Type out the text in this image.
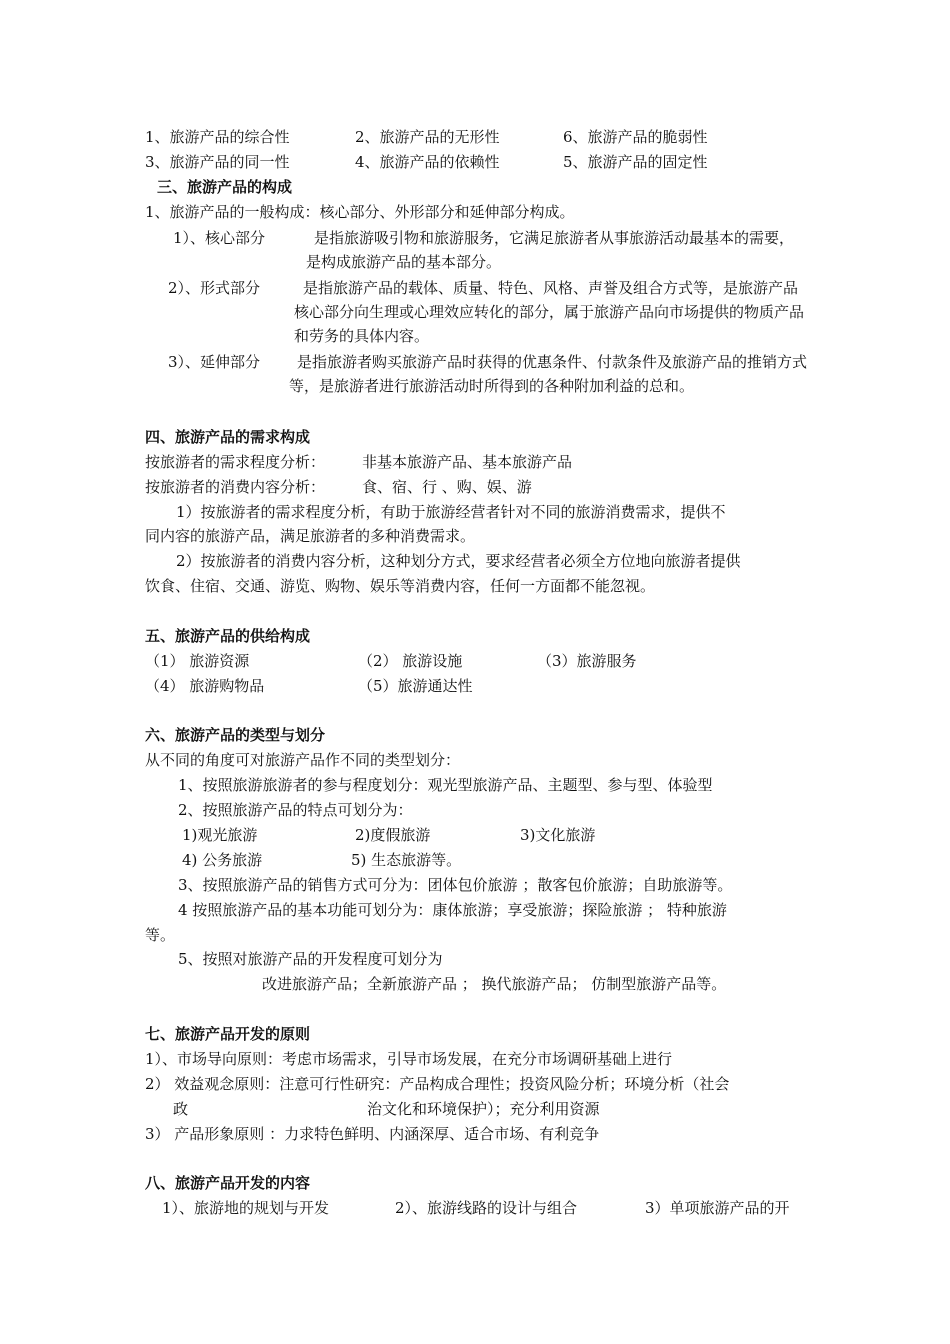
1、旅游产品的综合性	2、旅游产品的无形性	6、旅游产品的脆弱性
3、旅游产品的同一性	4、旅游产品的依赖性	5、旅游产品的固定性
三、旅游产品的构成
1、旅游产品的一般构成：核心部分、外形部分和延伸部分构成。
1）、核心部分	是指旅游吸引物和旅游服务，它满足旅游者从事旅游活动最基本的需要，是构成旅游产品的基本部分。
2）、形式部分	是指旅游产品的载体、质量、特色、风格、声誉及组合方式等，是旅游产品核心部分向生理或心理效应转化的部分，属于旅游产品向市场提供的物质产品和劳务的具体内容。
3）、延伸部分	是指旅游者购买旅游产品时获得的优惠条件、付款条件及旅游产品的推销方式等，是旅游者进行旅游活动时所得到的各种附加利益的总和。
四、旅游产品的需求构成
按旅游者的需求程度分析： 非基本旅游产品、基本旅游产品
按旅游者的消费内容分析： 食、宿、行 、购、娱、游
1）按旅游者的需求程度分析，有助于旅游经营者针对不同的旅游消费需求，提供不
同内容的旅游产品，满足旅游者的多种消费需求。
2）按旅游者的消费内容分析，这种划分方式，要求经营者必须全方位地向旅游者提供
饮食、住宿、交通、游览、购物、娱乐等消费内容，任何一方面都不能忽视。
五、旅游产品的供给构成
（1） 旅游资源	（2） 旅游设施	（3）旅游服务
（4） 旅游购物品	（5）旅游通达性
六、旅游产品的类型与划分
从不同的角度可对旅游产品作不同的类型划分：
1、按照旅游旅游者的参与程度划分：观光型旅游产品、主题型、参与型、体验型
2、按照旅游产品的特点可划分为：
1)观光旅游	2)度假旅游	3)文化旅游
4) 公务旅游	5) 生态旅游等。
3、按照旅游产品的销售方式可分为：团体包价旅游 ；散客包价旅游；自助旅游等。
4 按照旅游产品的基本功能可划分为：康体旅游；享受旅游；探险旅游 ； 特种旅游
等。
5、按照对旅游产品的开发程度可划分为
改进旅游产品；全新旅游产品 ； 换代旅游产品； 仿制型旅游产品等。
七、旅游产品开发的原则
1）、市场导向原则：考虑市场需求，引导市场发展，在充分市场调研基础上进行
2） 效益观念原则：注意可行性研究：产品构成合理性；投资风险分析；环境分析（社会
政	治文化和环境保护）；充分利用资源
3） 产品形象原则 ：力求特色鲜明、内涵深厚、适合市场、有利竞争
八、旅游产品开发的内容
1）、旅游地的规划与开发	2）、旅游线路的设计与组合	3）单项旅游产品的开
